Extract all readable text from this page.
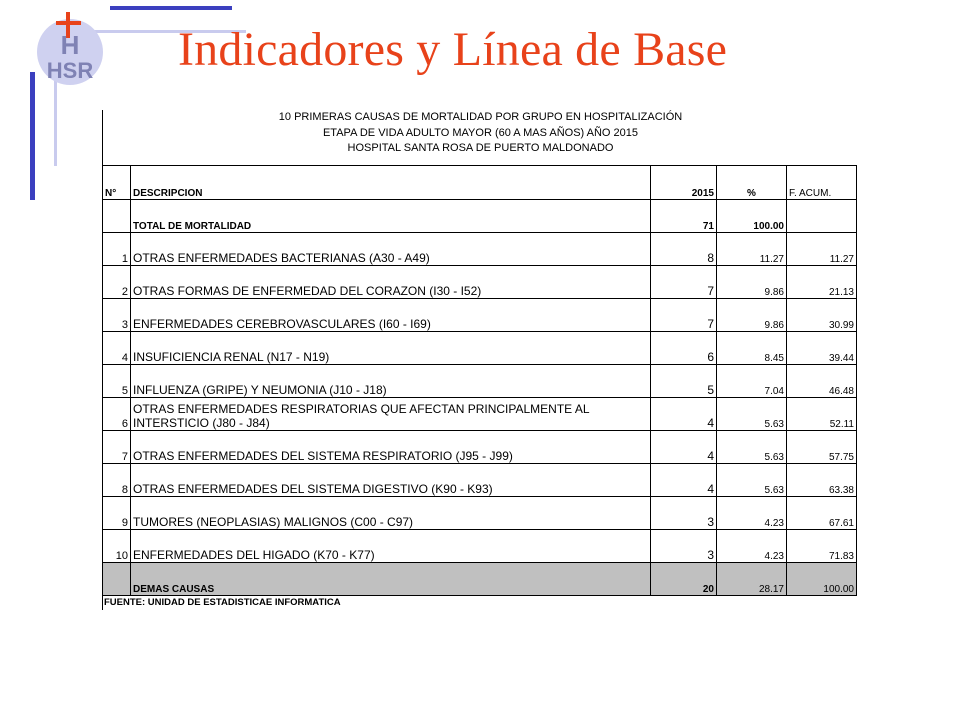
H
HSR Indicadores y Línea de Base
10 PRIMERAS CAUSAS DE MORTALIDAD POR GRUPO EN HOSPITALIZACIÓN
ETAPA DE VIDA ADULTO MAYOR (60 A MAS AÑOS) AÑO 2015
HOSPITAL SANTA ROSA DE PUERTO MALDONADO
N°	DESCRIPCION	2015	%	F. ACUM.
	TOTAL DE MORTALIDAD	71	100.00	
1	OTRAS ENFERMEDADES BACTERIANAS (A30 - A49)	8	11.27	11.27
2	OTRAS FORMAS DE ENFERMEDAD DEL CORAZON (I30 - I52)	7	9.86	21.13
3	ENFERMEDADES CEREBROVASCULARES (I60 - I69)	7	9.86	30.99
4	INSUFICIENCIA RENAL (N17 - N19)	6	8.45	39.44
5	INFLUENZA (GRIPE) Y NEUMONIA (J10 - J18)	5	7.04	46.48
6	OTRAS ENFERMEDADES RESPIRATORIAS QUE AFECTAN PRINCIPALMENTE AL INTERSTICIO (J80 - J84)	4	5.63	52.11
7	OTRAS ENFERMEDADES DEL SISTEMA RESPIRATORIO (J95 - J99)	4	5.63	57.75
8	OTRAS ENFERMEDADES DEL SISTEMA DIGESTIVO (K90 - K93)	4	5.63	63.38
9	TUMORES (NEOPLASIAS) MALIGNOS (C00 - C97)	3	4.23	67.61
10	ENFERMEDADES DEL HIGADO (K70 - K77)	3	4.23	71.83
	DEMAS CAUSAS	20	28.17	100.00
FUENTE: UNIDAD DE ESTADISTICAE INFORMATICA
